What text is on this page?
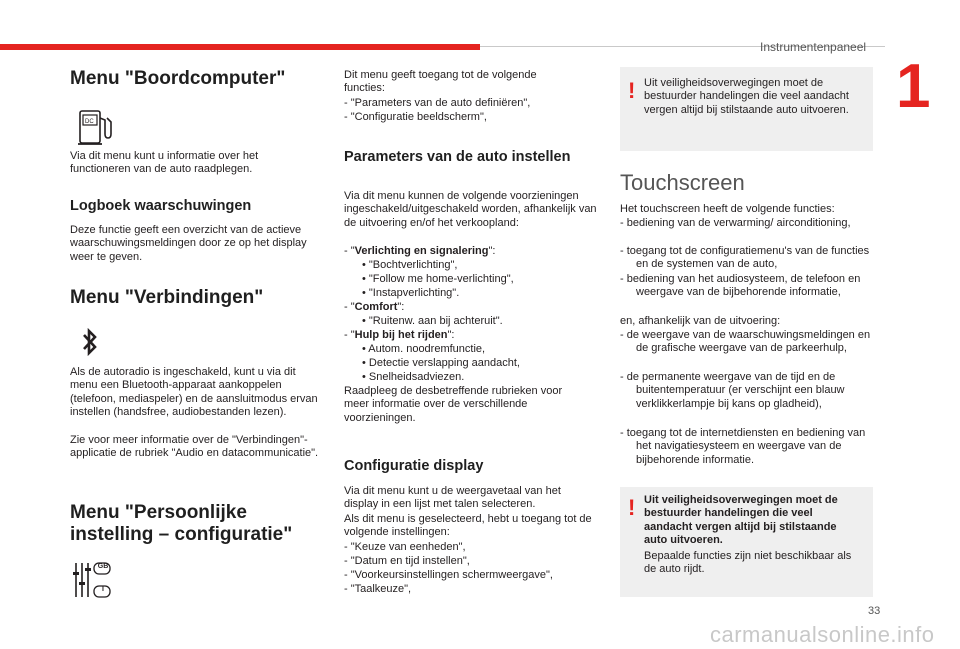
Instrumentenpaneel
1
Menu "Boordcomputer"
DC

Via dit menu kunt u informatie over het functioneren van de auto raadplegen.

Logboek waarschuwingen

Deze functie geeft een overzicht van de actieve waarschuwingsmeldingen door ze op het display weer te geven.

Menu "Verbindingen"

Als de autoradio is ingeschakeld, kunt u via dit menu een Bluetooth-apparaat aankoppelen (telefoon, mediaspeler) en de aansluitmodus ervan instellen (handsfree, audiobestanden lezen).

Zie voor meer informatie over de "Verbindingen"-applicatie de rubriek "Audio en datacommunicatie".

Menu "Persoonlijke
instelling – configuratie"
GB
I

Dit menu geeft toegang tot de volgende functies:

- "Parameters van de auto definiëren",

- "Configuratie beeldscherm",

Parameters van de auto instellen

Via dit menu kunnen de volgende voorzieningen ingeschakeld/uitgeschakeld worden, afhankelijk van de uitvoering en/of het verkoopland:

- "Verlichting en signalering":

• "Bochtverlichting",

• "Follow me home-verlichting",

• "Instapverlichting".

- "Comfort":

• "Ruitenw. aan bij achteruit".

- "Hulp bij het rijden":

• Autom. noodremfunctie,

• Detectie verslapping aandacht,

• Snelheidsadviezen.

Raadpleeg de desbetreffende rubrieken voor meer informatie over de verschillende voorzieningen.

Configuratie display

Via dit menu kunt u de weergavetaal van het display in een lijst met talen selecteren.

Als dit menu is geselecteerd, hebt u toegang tot de volgende instellingen:

- "Keuze van eenheden",

- "Datum en tijd instellen",

- "Voorkeursinstellingen schermweergave",

- "Taalkeuze",

! Uit veiligheidsoverwegingen moet de bestuurder handelingen die veel aandacht vergen altijd bij stilstaande auto uitvoeren.

Touchscreen

Het touchscreen heeft de volgende functies:

- bediening van de verwarming/ airconditioning,

- toegang tot de configuratiemenu's van de functies en de systemen van de auto,

- bediening van het audiosysteem, de telefoon en weergave van de bijbehorende informatie,

en, afhankelijk van de uitvoering:

- de weergave van de waarschuwingsmeldingen en de grafische weergave van de parkeerhulp,

- de permanente weergave van de tijd en de buitentemperatuur (er verschijnt een blauw verklikkerlampje bij kans op gladheid),

- toegang tot de internetdiensten en bediening van het navigatiesysteem en weergave van de bijbehorende informatie.

! Uit veiligheidsoverwegingen moet de bestuurder handelingen die veel aandacht vergen altijd bij stilstaande auto uitvoeren.

Bepaalde functies zijn niet beschikbaar als de auto rijdt.

33
carmanualsonline.info
